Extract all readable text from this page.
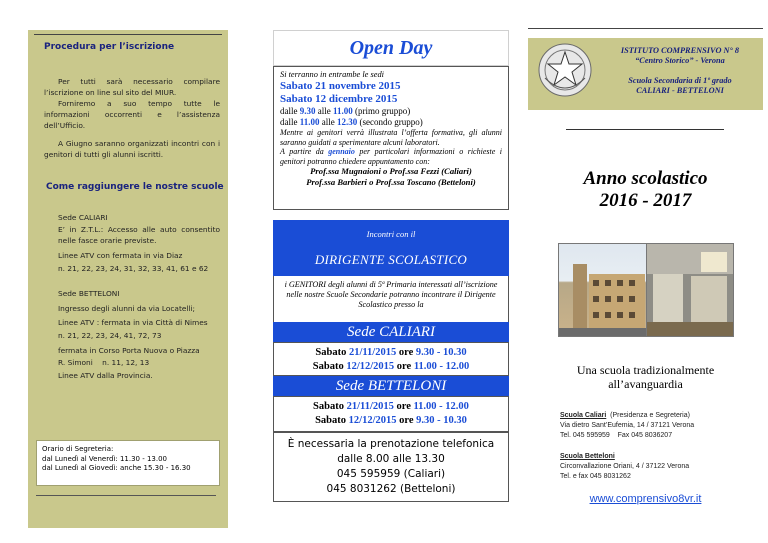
Procedura per l’iscrizione
Per tutti sarà necessario compilare l’iscrizione on line sul sito del MIUR.
Forniremo a suo tempo tutte le informazioni occorrenti e l’assistenza dell’Ufficio.
A Giugno saranno organizzati incontri con i genitori di tutti gli alunni iscritti.
Come raggiungere le nostre scuole
Sede CALIARI
E’ in Z.T.L.: Accesso alle auto consentito nelle fasce orarie previste.
Linee ATV con fermata in via Diaz
n. 21, 22, 23, 24, 31, 32, 33, 41, 61 e 62
Sede BETTELONI
Ingresso degli alunni da via Locatelli;
Linee ATV : fermata in via Città di Nimes
n. 21, 22, 23, 24, 41, 72, 73
fermata in Corso Porta Nuova o Piazza
R. Simoni    n. 11, 12, 13
Linee ATV dalla Provincia.
Orario di Segreteria:
dal Lunedì al Venerdì: 11.30 - 13.00
dal Lunedì al Giovedì: anche 15.30 - 16.30
Open Day
Si terranno in entrambe le sedi
Sabato 21 novembre 2015
Sabato 12 dicembre 2015
dalle 9.30 alle 11.00 (primo gruppo)
dalle 11.00 alle 12.30 (secondo gruppo)
Mentre ai genitori verrà illustrata l’offerta formativa, gli alunni saranno guidati a sperimentare alcuni laboratori.
A partire da gennaio per particolari informazioni o richieste i genitori potranno chiedere appuntamento con:
Prof.ssa Mugnaioni o Prof.ssa Fezzi (Caliari)
Prof.ssa Barbieri o Prof.ssa Toscano (Betteloni)
Incontri con il
DIRIGENTE SCOLASTICO
i GENITORI degli alunni di 5ª Primaria interessati all’iscrizione nelle nostre Scuole Secondarie potranno incontrare il Dirigente Scolastico presso la
Sede CALIARI
Sabato 21/11/2015 ore 9.30 - 10.30
Sabato 12/12/2015 ore 11.00 - 12.00
Sede BETTELONI
Sabato 21/11/2015 ore 11.00 - 12.00
Sabato 12/12/2015 ore 9.30 - 10.30
È necessaria la prenotazione telefonica
dalle 8.00 alle 13.30
045 595959 (Caliari)
045 8031262 (Betteloni)
ISTITUTO COMPRENSIVO N° 8
“Centro Storico” - Verona
Scuola Secondaria di 1º grado
CALIARI - BETTELONI
Anno scolastico
2016 - 2017
Una scuola tradizionalmente
all’avanguardia
Scuola Caliari  (Presidenza e Segreteria)
Via dietro Sant’Eufemia, 14 / 37121 Verona
Tel. 045 595959    Fax 045 8036207
Scuola Betteloni
Circonvallazione Oriani, 4 / 37122 Verona
Tel. e fax 045 8031262
www.comprensivo8vr.it
